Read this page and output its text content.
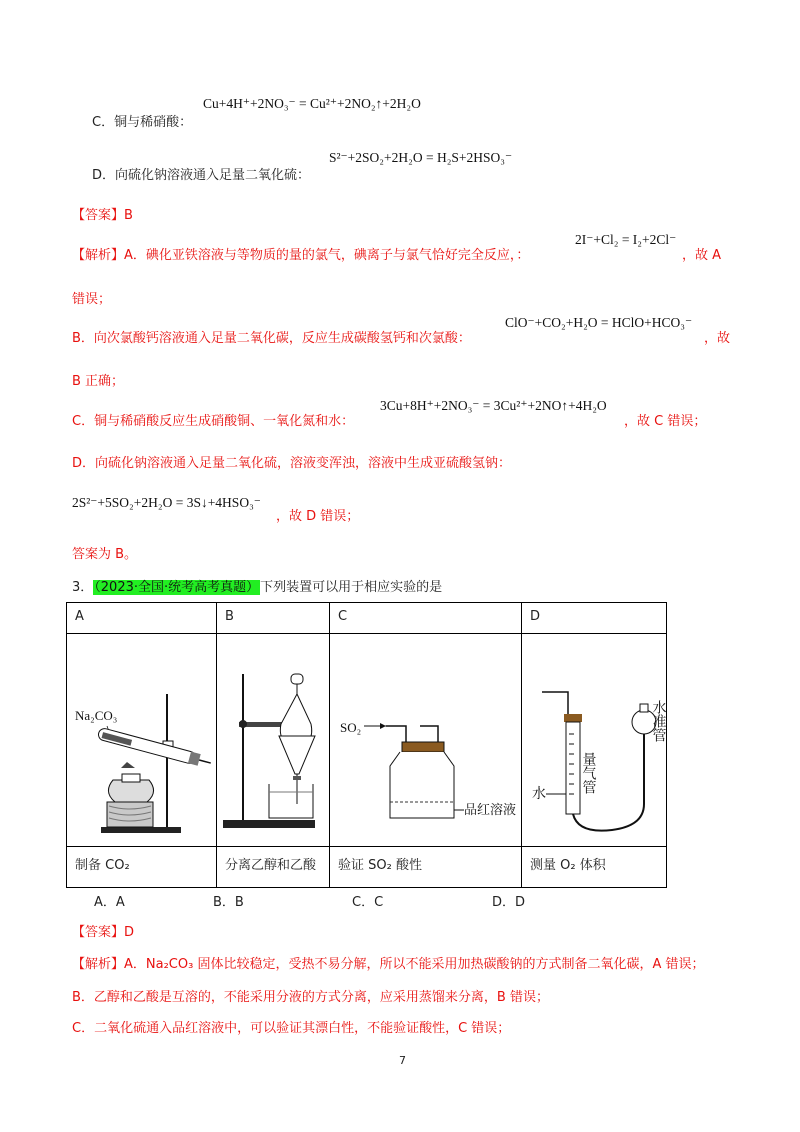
C．铜与稀硝酸：
Cu+4H⁺+2NO₃⁻ = Cu²⁺+2NO₂↑+2H₂O
D．向硫化钠溶液通入足量二氧化硫：
S²⁻+2SO₂+2H₂O = H₂S+2HSO₃⁻
【答案】B
【解析】A．碘化亚铁溶液与等物质的量的氯气，碘离子与氯气恰好完全反应，：
2I⁻+Cl₂ = I₂+2Cl⁻
，故 A
错误；
B．向次氯酸钙溶液通入足量二氧化碳，反应生成碳酸氢钙和次氯酸：
ClO⁻+CO₂+H₂O = HClO+HCO₃⁻
，故
B 正确；
C．铜与稀硝酸反应生成硝酸铜、一氧化氮和水：
3Cu+8H⁺+2NO₃⁻ = 3Cu²⁺+2NO↑+4H₂O
，故 C 错误；
D．向硫化钠溶液通入足量二氧化硫，溶液变浑浊，溶液中生成亚硫酸氢钠：
2S²⁻+5SO₂+2H₂O = 3S↓+4HSO₃⁻
，故 D 错误；
答案为 B。
3．（2023·全国·统考高考真题）下列装置可以用于相应实验的是
A	B	C	D

Na₂CO₃		SO₂
品红溶液	水
量气管
水准管

制备 CO₂	分离乙醇和乙酸	验证 SO₂ 酸性	测量 O₂ 体积
A．A	B．B	C．C	D．D
【答案】D
【解析】A．Na₂CO₃ 固体比较稳定，受热不易分解，所以不能采用加热碳酸钠的方式制备二氧化碳，A 错误；
B．乙醇和乙酸是互溶的，不能采用分液的方式分离，应采用蒸馏来分离，B 错误；
C．二氧化硫通入品红溶液中，可以验证其漂白性，不能验证酸性，C 错误；
7
